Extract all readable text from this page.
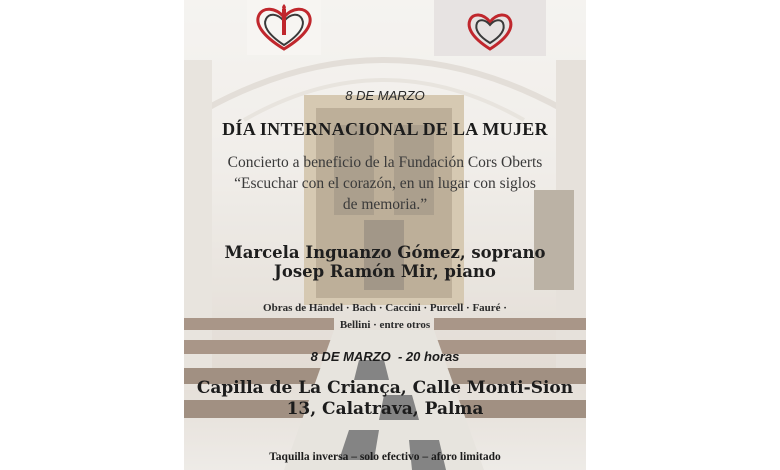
8 DE MARZO
DÍA INTERNACIONAL DE LA MUJER
Concierto a beneficio de la Fundación Cors Oberts
“Escuchar con el corazón, en un lugar con siglos
de memoria.”
Marcela Inguanzo Gómez, soprano
Josep Ramón Mir, piano
Obras de Händel · Bach · Caccini · Purcell · Fauré ·
Bellini · entre otros
8 DE MARZO  - 20 horas
Capilla de La Criança, Calle Monti-Sion
13, Calatrava, Palma
Taquilla inversa – solo efectivo – aforo limitado
